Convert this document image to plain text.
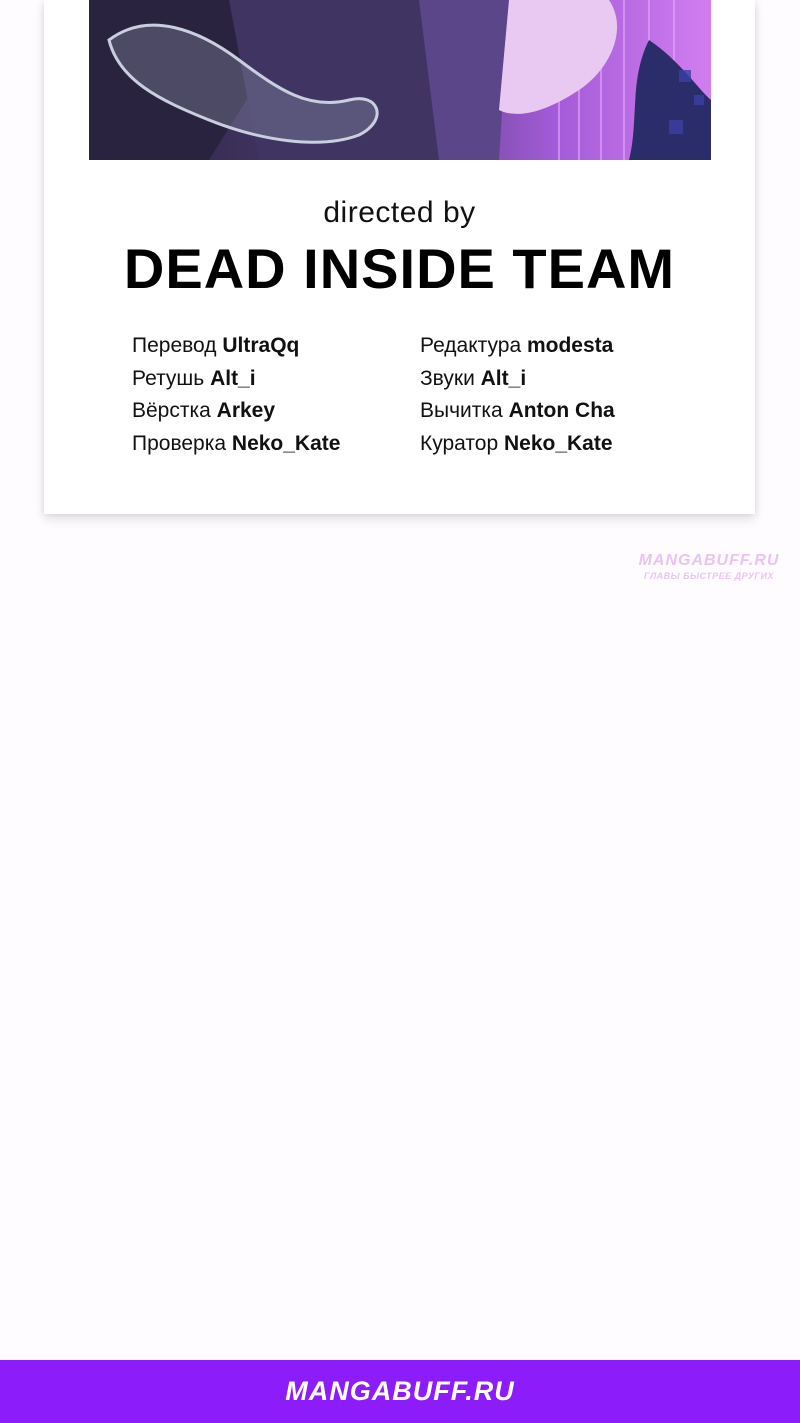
directed by
DEAD INSIDE TEAM
Перевод UltraQq
Ретушь Alt_i
Вёрстка Arkey
Проверка Neko_Kate
Редактура modesta
Звуки Alt_i
Вычитка Anton Cha
Куратор Neko_Kate
MANGABUFF.RU
ГЛАВЫ БЫСТРЕЕ ДРУГИХ
MANGABUFF.RU
